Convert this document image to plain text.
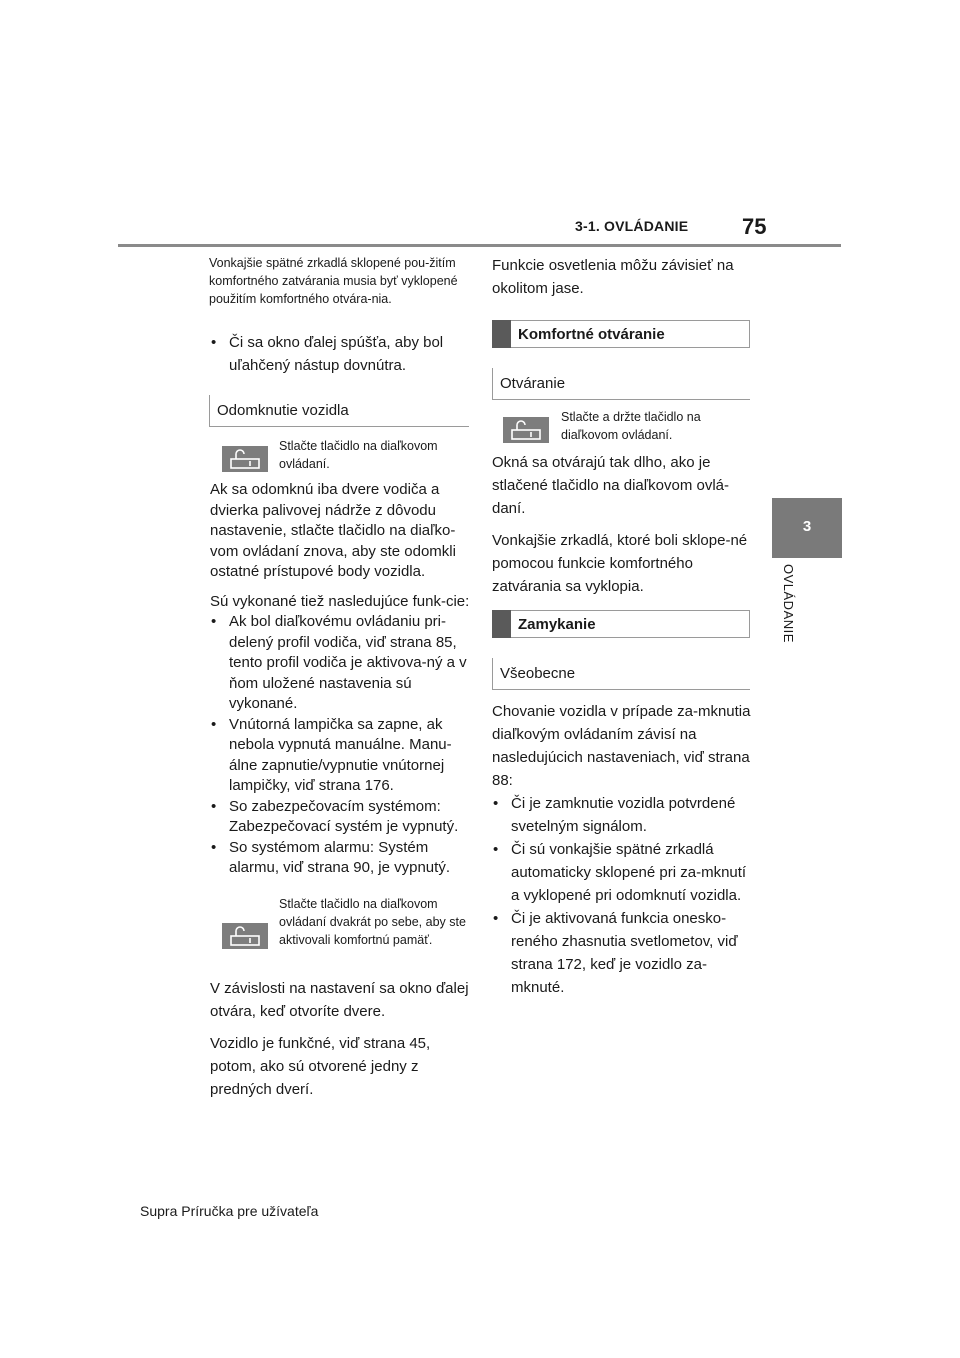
3-1. OVLÁDANIE 75
3
OVLÁDANIE
Vonkajšie spätné zrkadlá sklopené pou-žitím komfortného zatvárania musia byť vyklopené použitím komfortného otvára-nia.
• Či sa okno ďalej spúšťa, aby bol uľahčený nástup dovnútra.
Odomknutie vozidla
Stlačte tlačidlo na diaľkovom ovládaní.

Ak sa odomknú iba dvere vodiča a dvierka palivovej nádrže z dôvodu nastavenie, stlačte tlačidlo na diaľko-vom ovládaní znova, aby ste odomkli ostatné prístupové body vozidla.

Sú vykonané tiež nasledujúce funk-cie:

• Ak bol diaľkovému ovládaniu pri-delený profil vodiča, viď strana 85, tento profil vodiča je aktivova-ný a v ňom uložené nastavenia sú vykonané.
• Vnútorná lampička sa zapne, ak nebola vypnutá manuálne. Manu-álne zapnutie/vypnutie vnútornej lampičky, viď strana 176.
• So zabezpečovacím systémom: Zabezpečovací systém je vypnutý.
• So systémom alarmu: Systém alarmu, viď strana 90, je vypnutý.
Stlačte tlačidlo na diaľkovom ovládaní dvakrát po sebe, aby ste aktivovali komfortnú pamäť.

V závislosti na nastavení sa okno ďalej otvára, keď otvoríte dvere.

Vozidlo je funkčné, viď strana 45, potom, ako sú otvorené jedny z predných dverí.

Funkcie osvetlenia môžu závisieť na okolitom jase.
Komfortné otváranie
Otváranie
Stlačte a držte tlačidlo na diaľkovom ovládaní.

Okná sa otvárajú tak dlho, ako je stlačené tlačidlo na diaľkovom ovlá-daní.

Vonkajšie zrkadlá, ktoré boli sklope-né pomocou funkcie komfortného zatvárania sa vyklopia.

Zamykanie
Všeobecne

Chovanie vozidla v prípade za-mknutia diaľkovým ovládaním závisí na nasledujúcich nastaveniach, viď strana 88:

• Či je zamknutie vozidla potvrdené svetelným signálom.
• Či sú vonkajšie spätné zrkadlá automaticky sklopené pri za-mknutí a vyklopené pri odomknutí vozidla.
• Či je aktivovaná funkcia onesko-reného zhasnutia svetlometov, viď strana 172, keď je vozidlo za-mknuté.
Supra Príručka pre užívateľa
